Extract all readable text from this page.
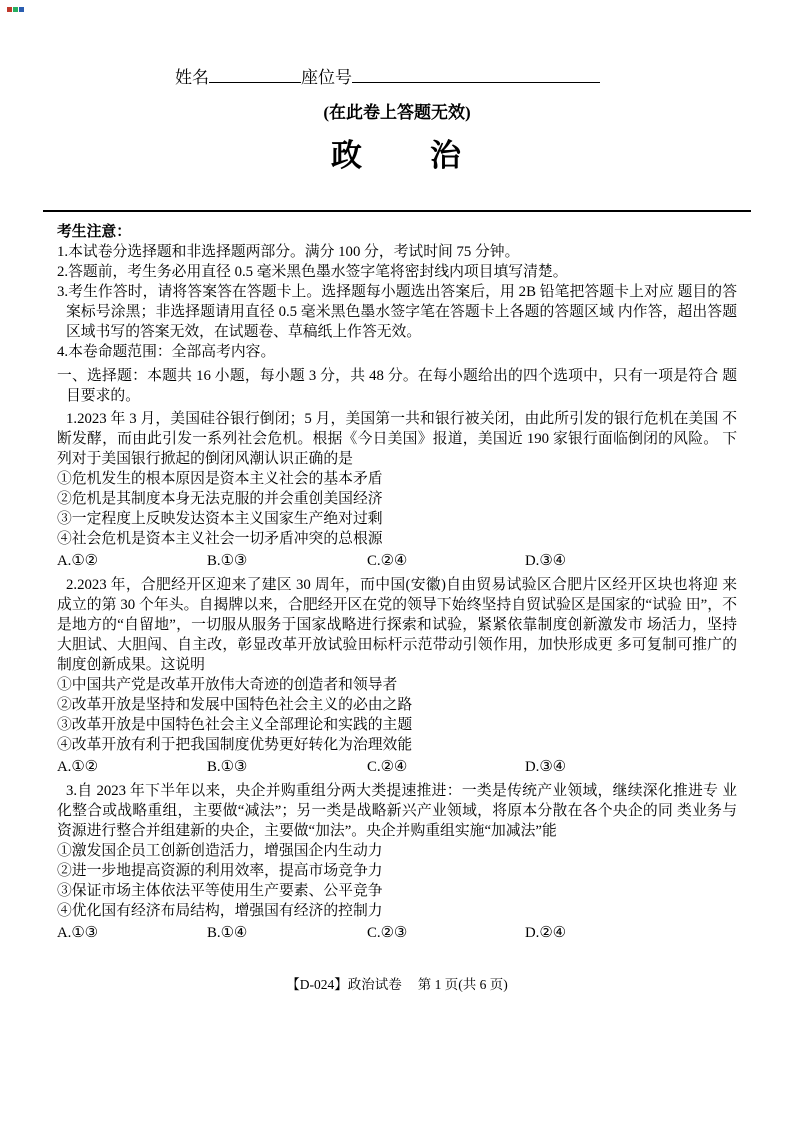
姓名	座位号
(在此卷上答题无效)
政　　治
考生注意：
1.本试卷分选择题和非选择题两部分。满分 100 分，考试时间 75 分钟。
2.答题前，考生务必用直径 0.5 毫米黑色墨水签字笔将密封线内项目填写清楚。
3.考生作答时，请将答案答在答题卡上。选择题每小题选出答案后，用 2B 铅笔把答题卡上对应 题目的答案标号涂黑；非选择题请用直径 0.5 毫米黑色墨水签字笔在答题卡上各题的答题区域 内作答，超出答题区域书写的答案无效，在试题卷、草稿纸上作答无效。
4.本卷命题范围：全部高考内容。
一、选择题：本题共 16 小题，每小题 3 分，共 48 分。在每小题给出的四个选项中，只有一项是符合 题目要求的。

1.2023 年 3 月，美国硅谷银行倒闭；5 月，美国第一共和银行被关闭，由此所引发的银行危机在美国 不断发酵，而由此引发一系列社会危机。根据《今日美国》报道，美国近 190 家银行面临倒闭的风险。 下列对于美国银行掀起的倒闭风潮认识正确的是

①危机发生的根本原因是资本主义社会的基本矛盾

②危机是其制度本身无法克服的并会重创美国经济

③一定程度上反映发达资本主义国家生产绝对过剩

④社会危机是资本主义社会一切矛盾冲突的总根源

A.①②	B.①③	C.②④	D.③④

2.2023 年，合肥经开区迎来了建区 30 周年，而中国(安徽)自由贸易试验区合肥片区经开区块也将迎 来成立的第 30 个年头。自揭牌以来，合肥经开区在党的领导下始终坚持自贸试验区是国家的“试验 田”，不是地方的“自留地”，一切服从服务于国家战略进行探索和试验，紧紧依靠制度创新激发市 场活力，坚持大胆试、大胆闯、自主改，彰显改革开放试验田标杆示范带动引领作用，加快形成更 多可复制可推广的制度创新成果。这说明

①中国共产党是改革开放伟大奇迹的创造者和领导者

②改革开放是坚持和发展中国特色社会主义的必由之路

③改革开放是中国特色社会主义全部理论和实践的主题

④改革开放有利于把我国制度优势更好转化为治理效能

A.①②	B.①③	C.②④	D.③④

3.自 2023 年下半年以来，央企并购重组分两大类提速推进：一类是传统产业领域，继续深化推进专 业化整合或战略重组，主要做“减法”；另一类是战略新兴产业领域，将原本分散在各个央企的同 类业务与资源进行整合并组建新的央企，主要做“加法”。央企并购重组实施“加减法”能

①激发国企员工创新创造活力，增强国企内生动力

②进一步地提高资源的利用效率，提高市场竞争力

③保证市场主体依法平等使用生产要素、公平竞争

④优化国有经济布局结构，增强国有经济的控制力

A.①③	B.①④	C.②③	D.②④
【D-024】政治试卷 第 1 页(共 6 页)
